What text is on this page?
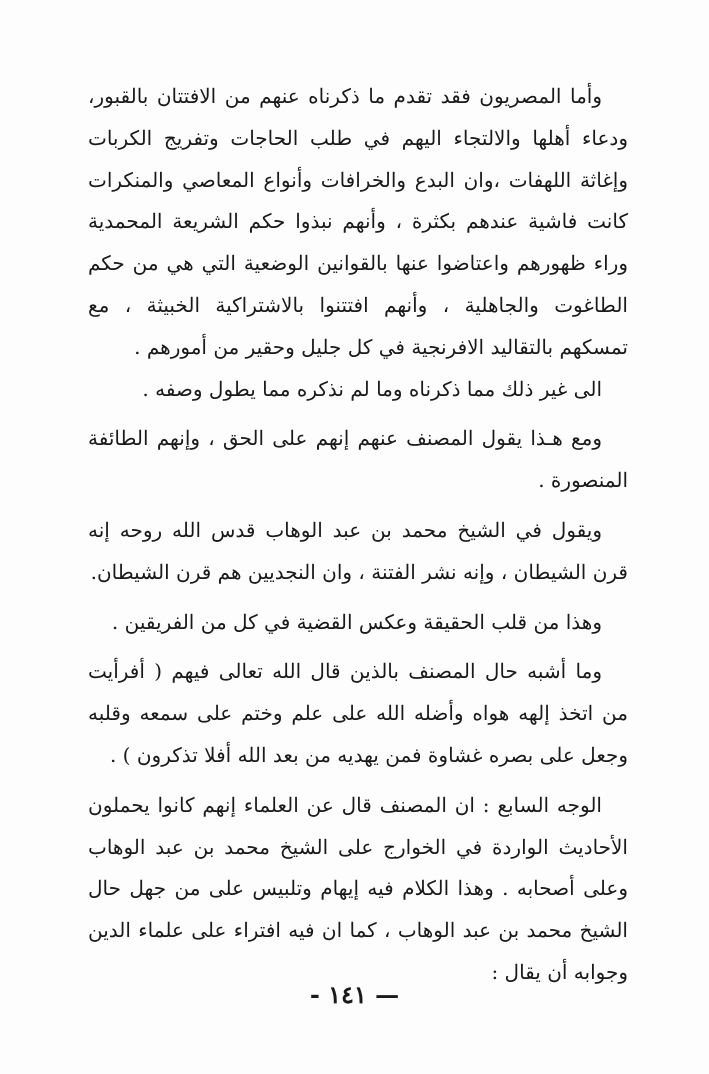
وأما المصريون فقد تقدم ما ذكرناه عنهم من الافتتان بالقبور، ودعاء أهلها والالتجاء اليهم في طلب الحاجات وتفريج الكربات وإغاثة اللهفات ،وان البدع والخرافات وأنواع المعاصي والمنكرات كانت فاشية عندهم بكثرة ، وأنهم نبذوا حكم الشريعة المحمدية وراء ظهورهم واعتاضوا عنها بالقوانين الوضعية التي هي من حكم الطاغوت والجاهلية ، وأنهم افتتنوا بالاشتراكية الخبيثة ، مع تمسكهم بالتقاليد الافرنجية في كل جليل وحقير من أمورهم .

الى غير ذلك مما ذكرناه وما لم نذكره مما يطول وصفه .

ومع هـذا يقول المصنف عنهم إنهم على الحق ، وإنهم الطائفة المنصورة .

ويقول في الشيخ محمد بن عبد الوهاب قدس الله روحه إنه قرن الشيطان ، وإنه نشر الفتنة ، وان النجديين هم قرن الشيطان.

وهذا من قلب الحقيقة وعكس القضية في كل من الفريقين .

وما أشبه حال المصنف بالذين قال الله تعالى فيهم ( أفرأيت من اتخذ إلهه هواه وأضله الله على علم وختم على سمعه وقلبه وجعل على بصره غشاوة فمن يهديه من بعد الله أفلا تذكرون ) .

الوجه السابع : ان المصنف قال عن العلماء إنهم كانوا يحملون الأحاديث الواردة في الخوارج على الشيخ محمد بن عبد الوهاب وعلى أصحابه . وهذا الكلام فيه إيهام وتلبيس على من جهل حال الشيخ محمد بن عبد الوهاب ، كما ان فيه افتراء على علماء الدين وجوابه أن يقال :

— ١٤١ -
